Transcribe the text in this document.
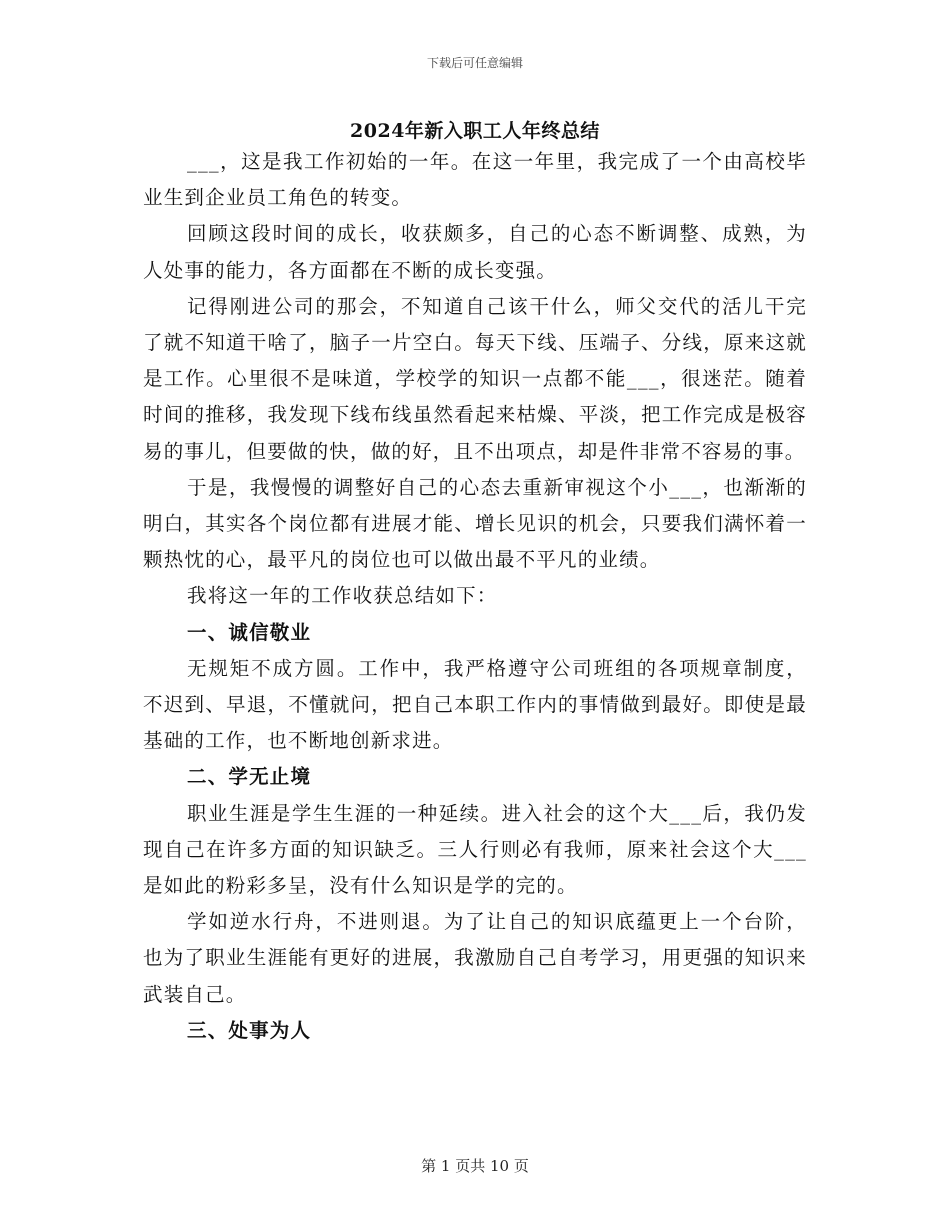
下载后可任意编辑
2024年新入职工人年终总结

___，这是我工作初始的一年。在这一年里，我完成了一个由高校毕业生到企业员工角色的转变。

回顾这段时间的成长，收获颇多，自己的心态不断调整、成熟，为人处事的能力，各方面都在不断的成长变强。

记得刚进公司的那会，不知道自己该干什么，师父交代的活儿干完了就不知道干啥了，脑子一片空白。每天下线、压端子、分线，原来这就是工作。心里很不是味道，学校学的知识一点都不能___，很迷茫。随着时间的推移，我发现下线布线虽然看起来枯燥、平淡，把工作完成是极容易的事儿，但要做的快，做的好，且不出项点，却是件非常不容易的事。

于是，我慢慢的调整好自己的心态去重新审视这个小___，也渐渐的明白，其实各个岗位都有进展才能、增长见识的机会，只要我们满怀着一颗热忱的心，最平凡的岗位也可以做出最不平凡的业绩。

我将这一年的工作收获总结如下：

一、诚信敬业

无规矩不成方圆。工作中，我严格遵守公司班组的各项规章制度，不迟到、早退，不懂就问，把自己本职工作内的事情做到最好。即使是最基础的工作，也不断地创新求进。

二、学无止境

职业生涯是学生生涯的一种延续。进入社会的这个大___后，我仍发现自己在许多方面的知识缺乏。三人行则必有我师，原来社会这个大___是如此的粉彩多呈，没有什么知识是学的完的。

学如逆水行舟，不进则退。为了让自己的知识底蕴更上一个台阶，也为了职业生涯能有更好的进展，我激励自己自考学习，用更强的知识来武装自己。

三、处事为人

第 1 页共 10 页
